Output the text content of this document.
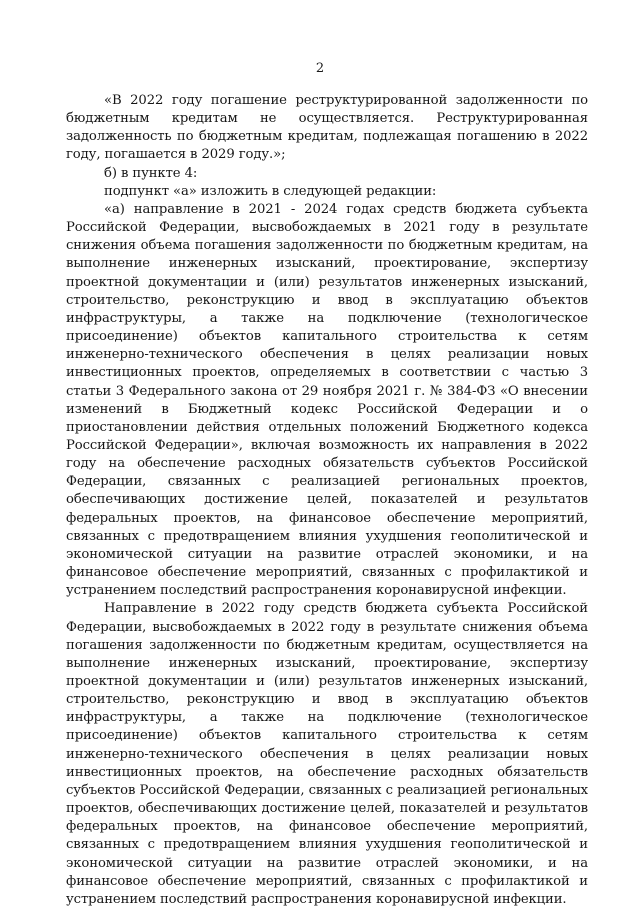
2

«В 2022 году погашение реструктурированной задолженности по бюджетным кредитам не осуществляется. Реструктурированная задолженность по бюджетным кредитам, подлежащая погашению в 2022 году, погашается в 2029 году.»;

б) в пункте 4:

подпункт «а» изложить в следующей редакции:

«а) направление в 2021 - 2024 годах средств бюджета субъекта Российской Федерации, высвобождаемых в 2021 году в результате снижения объема погашения задолженности по бюджетным кредитам, на выполнение инженерных изысканий, проектирование, экспертизу проектной документации и (или) результатов инженерных изысканий, строительство, реконструкцию и ввод в эксплуатацию объектов инфраструктуры, а также на подключение (технологическое присоединение) объектов капитального строительства к сетям инженерно-технического обеспечения в целях реализации новых инвестиционных проектов, определяемых в соответствии с частью 3 статьи 3 Федерального закона от 29 ноября 2021 г. № 384-ФЗ «О внесении изменений в Бюджетный кодекс Российской Федерации и о приостановлении действия отдельных положений Бюджетного кодекса Российской Федерации», включая возможность их направления в 2022 году на обеспечение расходных обязательств субъектов Российской Федерации, связанных с реализацией региональных проектов, обеспечивающих достижение целей, показателей и результатов федеральных проектов, на финансовое обеспечение мероприятий, связанных с предотвращением влияния ухудшения геополитической и экономической ситуации на развитие отраслей экономики, и на финансовое обеспечение мероприятий, связанных с профилактикой и устранением последствий распространения коронавирусной инфекции.

Направление в 2022 году средств бюджета субъекта Российской Федерации, высвобождаемых в 2022 году в результате снижения объема погашения задолженности по бюджетным кредитам, осуществляется на выполнение инженерных изысканий, проектирование, экспертизу проектной документации и (или) результатов инженерных изысканий, строительство, реконструкцию и ввод в эксплуатацию объектов инфраструктуры, а также на подключение (технологическое присоединение) объектов капитального строительства к сетям инженерно-технического обеспечения в целях реализации новых инвестиционных проектов, на обеспечение расходных обязательств субъектов Российской Федерации, связанных с реализацией региональных проектов, обеспечивающих достижение целей, показателей и результатов федеральных проектов, на финансовое обеспечение мероприятий, связанных с предотвращением влияния ухудшения геополитической и экономической ситуации на развитие отраслей экономики, и на финансовое обеспечение мероприятий, связанных с профилактикой и устранением последствий распространения коронавирусной инфекции.
